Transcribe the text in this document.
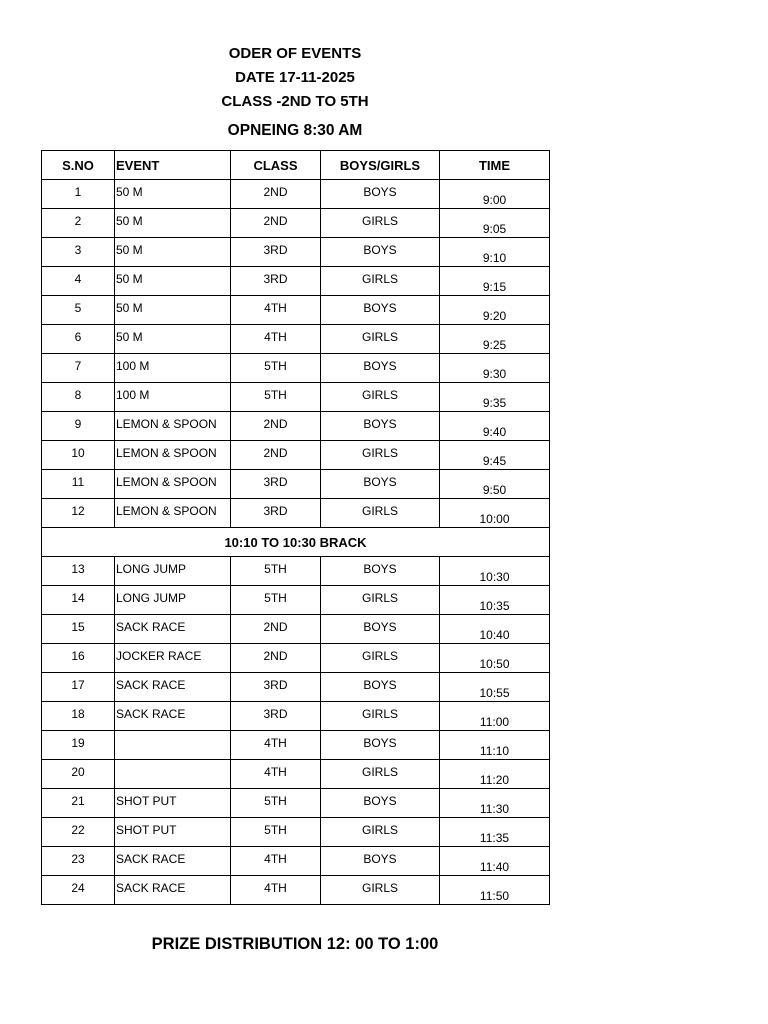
ODER OF EVENTS
DATE 17-11-2025
CLASS -2ND TO 5TH
OPNEING 8:30 AM
S.NO	EVENT	CLASS	BOYS/GIRLS	TIME
1	50 M	2ND	BOYS	9:00
2	50 M	2ND	GIRLS	9:05
3	50 M	3RD	BOYS	9:10
4	50 M	3RD	GIRLS	9:15
5	50 M	4TH	BOYS	9:20
6	50 M	4TH	GIRLS	9:25
7	100 M	5TH	BOYS	9:30
8	100 M	5TH	GIRLS	9:35
9	LEMON & SPOON	2ND	BOYS	9:40
10	LEMON & SPOON	2ND	GIRLS	9:45
11	LEMON & SPOON	3RD	BOYS	9:50
12	LEMON & SPOON	3RD	GIRLS	10:00
10:10 TO 10:30 BRACK				
13	LONG JUMP	5TH	BOYS	10:30
14	LONG JUMP	5TH	GIRLS	10:35
15	SACK RACE	2ND	BOYS	10:40
16	JOCKER RACE	2ND	GIRLS	10:50
17	SACK RACE	3RD	BOYS	10:55
18	SACK RACE	3RD	GIRLS	11:00
19		4TH	BOYS	11:10
20		4TH	GIRLS	11:20
21	SHOT PUT	5TH	BOYS	11:30
22	SHOT PUT	5TH	GIRLS	11:35
23	SACK RACE	4TH	BOYS	11:40
24	SACK RACE	4TH	GIRLS	11:50
PRIZE DISTRIBUTION 12: 00 TO 1:00
